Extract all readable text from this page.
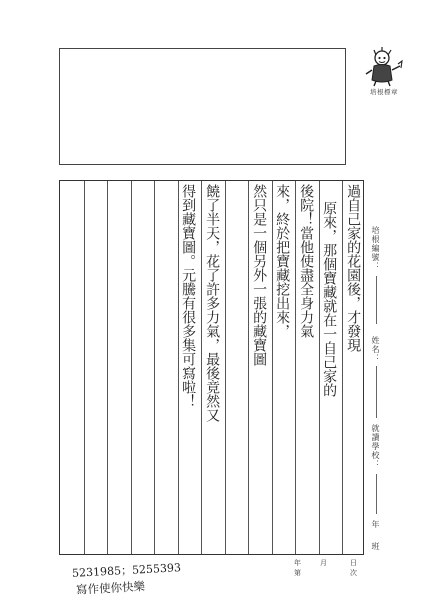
培根標章
過自己家的花園後，才發現
原來，那個寶藏就在一自己家的
後院！當他使盡全身力氣
來，終於把寶藏挖出來，
然只是一個另外一張的藏寶圖
饒了半天，花了許多力氣，最後竟然又
得到藏寶圖。元騰有很多集可寫啦！	培根編號：
姓名：
就讀學校：
年
班
年
第
月	日
次
5231985；5255393
寫作使你快樂
